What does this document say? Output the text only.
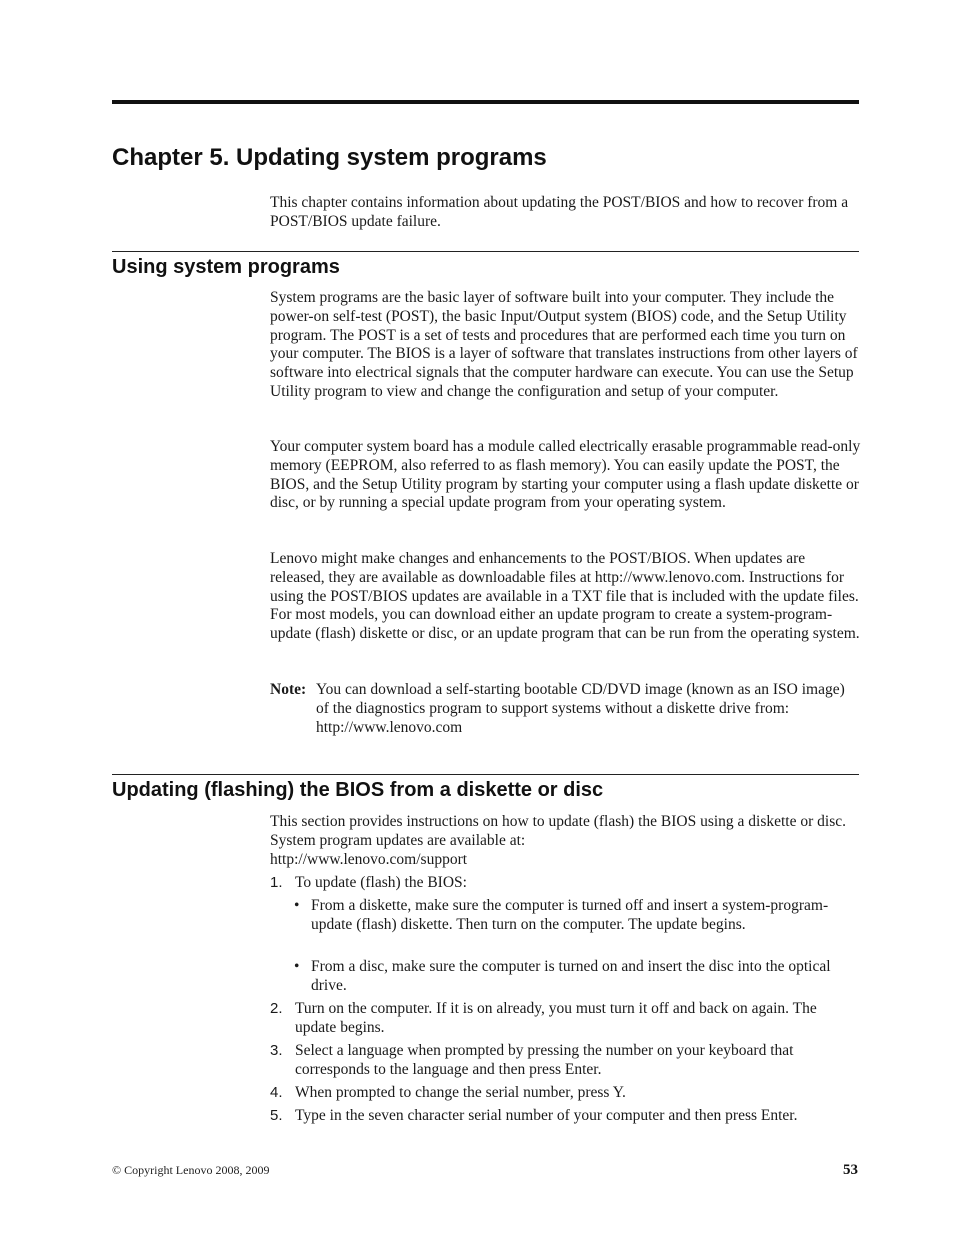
Chapter 5. Updating system programs

This chapter contains information about updating the POST/BIOS and how to recover from a POST/BIOS update failure.

Using system programs

System programs are the basic layer of software built into your computer. They include the power-on self-test (POST), the basic Input/Output system (BIOS) code, and the Setup Utility program. The POST is a set of tests and procedures that are performed each time you turn on your computer. The BIOS is a layer of software that translates instructions from other layers of software into electrical signals that the computer hardware can execute. You can use the Setup Utility program to view and change the configuration and setup of your computer.

Your computer system board has a module called electrically erasable programmable read-only memory (EEPROM, also referred to as flash memory). You can easily update the POST, the BIOS, and the Setup Utility program by starting your computer using a flash update diskette or disc, or by running a special update program from your operating system.

Lenovo might make changes and enhancements to the POST/BIOS. When updates are released, they are available as downloadable files at http://www.lenovo.com. Instructions for using the POST/BIOS updates are available in a TXT file that is included with the update files. For most models, you can download either an update program to create a system-program-update (flash) diskette or disc, or an update program that can be run from the operating system.

Note: You can download a self-starting bootable CD/DVD image (known as an ISO image) of the diagnostics program to support systems without a diskette drive from:
http://www.lenovo.com
Updating (flashing) the BIOS from a diskette or disc
This section provides instructions on how to update (flash) the BIOS using a diskette or disc. System program updates are available at:
http://www.lenovo.com/support
1. To update (flash) the BIOS:
• From a diskette, make sure the computer is turned off and insert a system-program-update (flash) diskette. Then turn on the computer. The update begins.
• From a disc, make sure the computer is turned on and insert the disc into the optical drive.
2. Turn on the computer. If it is on already, you must turn it off and back on again. The update begins.
3. Select a language when prompted by pressing the number on your keyboard that corresponds to the language and then press Enter.
4. When prompted to change the serial number, press Y.
5. Type in the seven character serial number of your computer and then press Enter.
© Copyright Lenovo 2008, 2009	53
